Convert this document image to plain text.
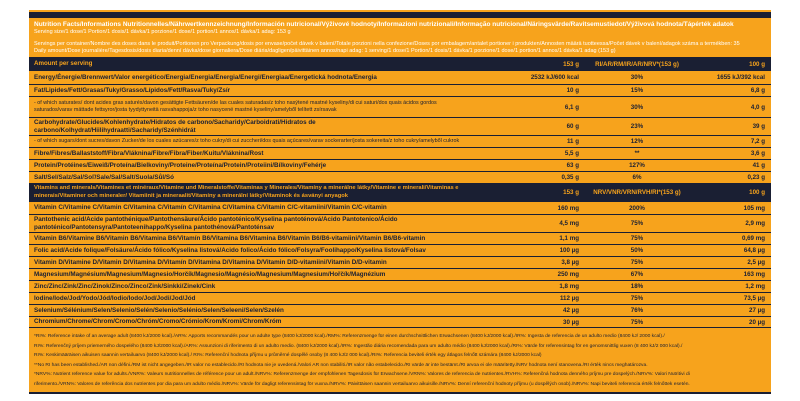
Nutrition Facts/Informations Nutritionnelles/Nährwertkennzeichnung/Información nutricional/Výživové hodnoty/Informazioni nutrizionali/Informação nutricional/Näringsvärde/Ravitsemustiedot/Výživová hodnota/Tápérték adatok
Serving size/1 dose/1 Portion/1 dosis/1 dávka/1 porzione/1 dose/1 portion/1 annos/1 dávka/1 adag: 153 g
Servings per container/Nombre des doses dans le produit/Portionen pro Verpackung/dosis por envase/počet dávek v balení/Totale porzioni nella confezione/Doses por embalagem/antalet portioner i produkten/Annosten määrä tuotteessa/Počet dávek v balení/adagok száma a termékben: 35
Daily amount/Dose journalière/Tagesdosis/dosis diaria/denní dávka/dose giornaliera/Dose diária/dagligen/päivittäinen annos/napi adag: 1 serving/1 dose/1 Portion/1 dosis/1 dávka/1 porzione/1 dose/1 portion/1 annos/1 dávka/1 adag (153 g)
Amount per serving	153 g	RI/AR/RM/IR/AR/NRV*(153 g)	100 g
Energy/Énergie/Brennwert/Valor energético/Energia/Energia/Energia/Energi/Energiaa/Energetická hodnota/Energia	2532 kJ/600 kcal	30%	1655 kJ/392 kcal
Fat/Lipides/Fett/Grasas/Tuky/Grasso/Lípidos/Fett/Rasva/Tuky/Zsír	10 g	15%	6,8 g
- of which saturates/ dont acides gras saturés/davon gesättigte Fettsäuren/de las cuales saturadas/z toho nasýtené mastné kyseliny/di cui saturi/dos quais ácidos gordos saturados/varav mättade fettsyror/josta tyydyttyneitä rasvahappoja/z toho nasycené mastné kyseliny/amelyből telített zsírsavak	6,1 g	30%	4,0 g
Carbohydrate/Glucides/Kohlenhydrate/Hidratos de carbono/Sacharidy/Carboidrati/Hidratos de carbono/Kolhydrat/Hiilihydraatti/Sacharidy/Szénhidrát	60 g	23%	39 g
- of which sugars/dont sucres/davon Zucker/de los cuales azúcares/z toho cukry/di cui zuccheri/dos quais açúcares/varav sockerarter/josta sokereita/z toho cukry/amelyből cukrok	11 g	12%	7,2 g
Fibre/Fibres/Ballaststoff/Fibra/Vláknina/Fibre/Fibra/Fiber/Kuitu/Vláknina/Rost	5,5 g	**	3,6 g
Protein/Protéines/Eiweiß/Proteína/Bielkoviny/Proteine/Proteína/Protein/Proteiini/Bílkoviny/Fehérje	63 g	127%	41 g
Salt/Sel/Salz/Sal/Soľ/Sale/Sal/Salt/Suola/Sůl/Só	0,35 g	6%	0,23 g
Vitamins and minerals/Vitamines et minéraux/Vitamine und Mineralstoffe/Vitaminas y Minerales/Vitamíny a minerálne látky/Vitamine e minerali/Vitaminas e minerais/Vitaminer och mineraler/ Vitamiinit ja mineraalit/Vitamíny a minerální látky/Vitaminok és ásványi anyagok	153 g	NRV/VNR/VRN/RVH/RI*(153 g)	100 g
Vitamin C/Vitamine C/Vitamin C/Vitamina C/Vitamín C/Vitamina C/Vitamina C/Vitamin C/C-vitamiini/Vitamin C/C-vitamin	160 mg	200%	105 mg
Pantothenic acid/Acide pantothénique/Pantothensäure/Ácido pantoténico/Kyselina pantoténová/Acido Pantotenico/Ácido pantoténico/Pantotensyra/Pantoteenihappo/Kyselina pantothénová/Pantoténsav	4,5 mg	75%	2,9 mg
Vitamin B6/Vitamine B6/Vitamin B6/Vitamina B6/Vitamín B6/Vitamina B6/Vitamina B6/Vitamin B6/B6-vitamiini/Vitamin B6/B6-vitamin	1,1 mg	75%	0,69 mg
Folic acid/Acide folique/Folsäure/Ácido fólico/Kyselina listová/Acido folico/Ácido fólico/Folsyra/Foolihappo/Kyselina listová/Folsav	100 µg	50%	64,8 µg
Vitamin D/Vitamine D/Vitamin D/Vitamina D/Vitamín D/Vitamina D/Vitamina D/Vitamin D/D-vitamiini/Vitamin D/D-vitamin	3,8 µg	75%	2,5 µg
Magnesium/Magnésium/Magnesium/Magnesio/Horčík/Magnesio/Magnésio/Magnesium/Magnesium/Hořčík/Magnézium	250 mg	67%	163 mg
Zinc/Zinc/Zink/Zinc/Zinok/Zinco/Zinco/Zink/Sinkki/Zinek/Cink	1,8 mg	18%	1,2 mg
Iodine/Iode/Jod/Yodo/Jód/Iodio/Iodo/Jod/Jodi/Jod/Jód	112 µg	75%	73,5 µg
Selenium/Sélénium/Selen/Selenio/Selén/Selenio/Selénio/Selen/Seleeni/Selen/Szelén	42 µg	76%	27 µg
Chromium/Chrome/Chrom/Cromo/Chróm/Cromo/Crómio/Krom/Kromi/Chrom/Króm	30 µg	75%	20 µg
*RI%: Reference intake of an average adult (8400 kJ/2000 kcal)./AR%: Apports recommandés pour un adulte type (8400 kJ/2000 kcal)./RM%: Referenzmenge für einen durchschnittlichen Erwachsenen (8400 kJ/2000 kcal)./IR%: Ingesta de referencia de un adulto medio (8400 kJ/ 2000 kcal)./
RI%: Referenčný príjem priemerného dospelého (8400 kJ/2000 kcal)./AR%: Assunzioni di riferimento di un adulto medio. (8400 kJ/2000 kcal)./IR%: Ingestão diária recomendada para um adulto médio (8400 kJ/2000 kcal)./RI%: Värde för referensintag för en genomsnittlig vuxen (8 400 kJ/2 000 kcal)./
RI%: Keskimääräisen aikuisen saannin vertailuarvo (8400 kJ/2000 kcal)./ RI%: Referenční hodnota příjmu u průměrné dospělé osoby (8 400 kJ/2 000 kcal)./RI%: Referencia beviteli érték egy átlagos felnőtt számára (8400 kJ/2000 kcal)
**No RI has been established./AR non défini./RM ist nicht angegeben./IR valor no establecido./RI hodnota nie je uvedená./Valori AR non stabiliti./IR valor não estabelecido./RI värde är inte bestämt./RI arvoa ei ole määritetty./NRV hodnota není stanovena./RI érték nincs meghatározva.
*NRV%: Nutrient reference value for adults./VNR%: Valeurs nutritionnelles de référence pour un adult./NRV%: Referenzmenge der empfohlenen Tagesdosis für Erwachsene./VRN%: Valores de referencia de nutrientes./RVH%: Referenčná hodnota denného príjmu pre dospelých./NRV%: Valori Nutritivi di
riferimento./VRN%: Valores de referência dos nutrientes por dia para um adulto médio./NRV%: Värde för dagligt referensintag för vuxna./NRV%: Päivittäisen saannin vertailuarvo aikuisille./NRV%: Denní referenční hodnoty příjmu (u dospělých osob)./NRV%: Napi beviteli referencia érték felnőttek esetén.
